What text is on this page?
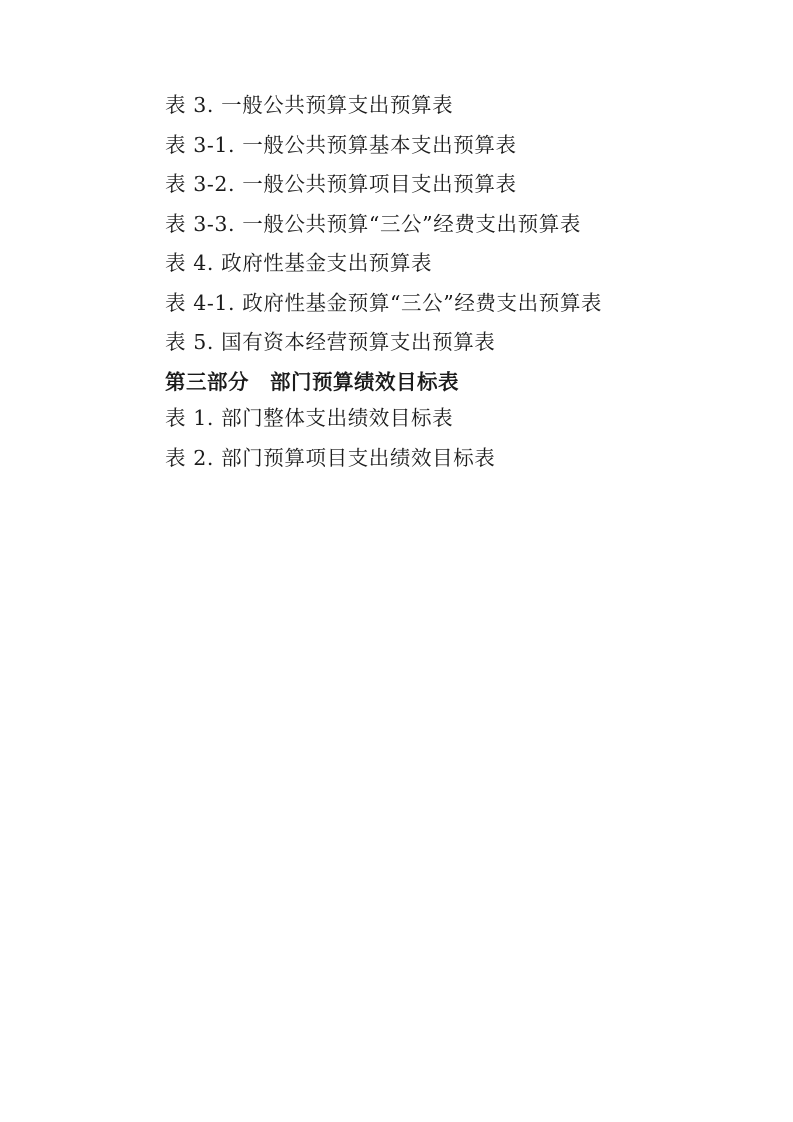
表 3. 一般公共预算支出预算表
表 3-1. 一般公共预算基本支出预算表
表 3-2. 一般公共预算项目支出预算表
表 3-3. 一般公共预算“三公”经费支出预算表
表 4. 政府性基金支出预算表
表 4-1. 政府性基金预算“三公”经费支出预算表
表 5. 国有资本经营预算支出预算表
第三部分　部门预算绩效目标表
表 1. 部门整体支出绩效目标表
表 2. 部门预算项目支出绩效目标表
